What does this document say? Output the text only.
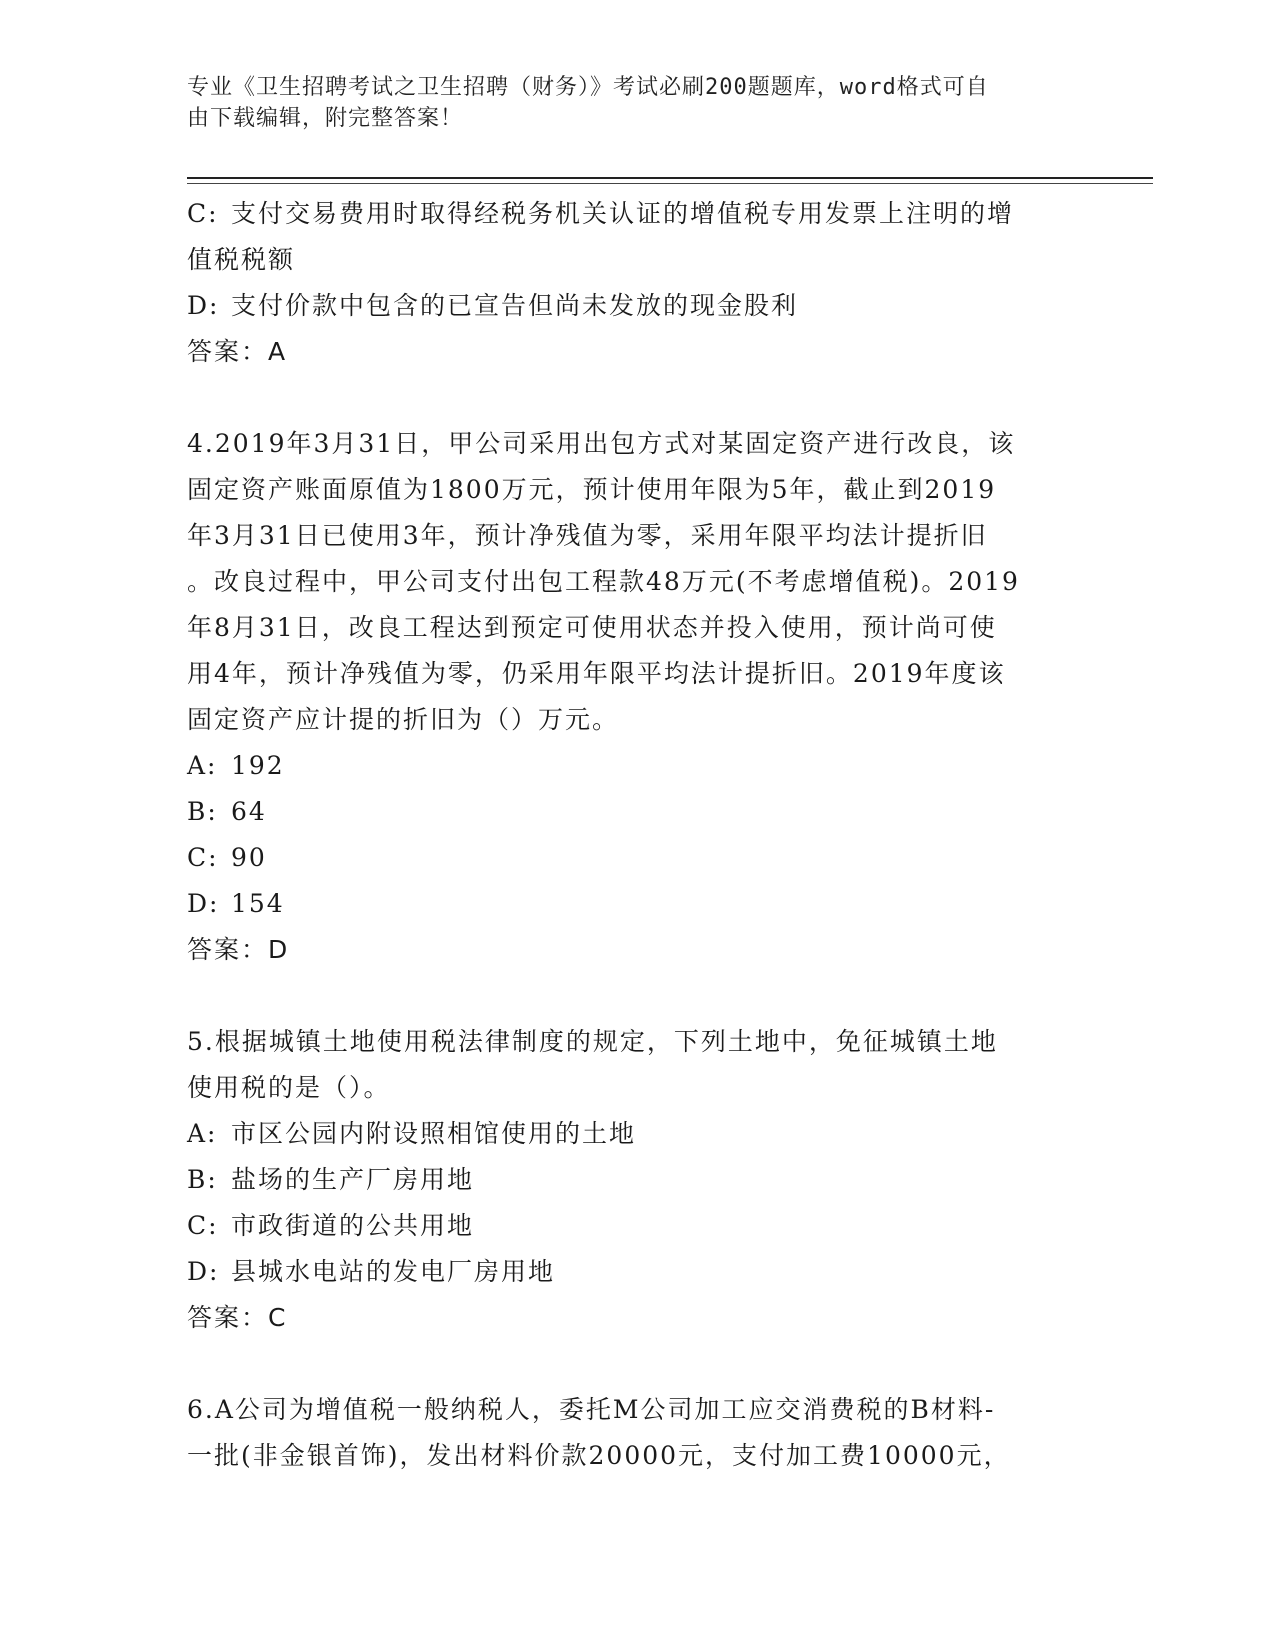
专业《卫生招聘考试之卫生招聘（财务）》考试必刷200题题库，word格式可自
由下载编辑，附完整答案！
C: 支付交易费用时取得经税务机关认证的增值税专用发票上注明的增
值税税额
D: 支付价款中包含的已宣告但尚未发放的现金股利
答案：A
4.2019年3月31日，甲公司采用出包方式对某固定资产进行改良，该
固定资产账面原值为1800万元，预计使用年限为5年，截止到2019
年3月31日已使用3年，预计净残值为零，采用年限平均法计提折旧
。改良过程中，甲公司支付出包工程款48万元(不考虑增值税)。2019
年8月31日，改良工程达到预定可使用状态并投入使用，预计尚可使
用4年，预计净残值为零，仍采用年限平均法计提折旧。2019年度该
固定资产应计提的折旧为（）万元。
A: 192
B: 64
C: 90
D: 154
答案：D
5.根据城镇土地使用税法律制度的规定，下列土地中，免征城镇土地
使用税的是（）。
A: 市区公园内附设照相馆使用的土地
B: 盐场的生产厂房用地
C: 市政街道的公共用地
D: 县城水电站的发电厂房用地
答案：C
6.A公司为增值税一般纳税人，委托M公司加工应交消费税的B材料-
一批(非金银首饰)，发出材料价款20000元，支付加工费10000元，
